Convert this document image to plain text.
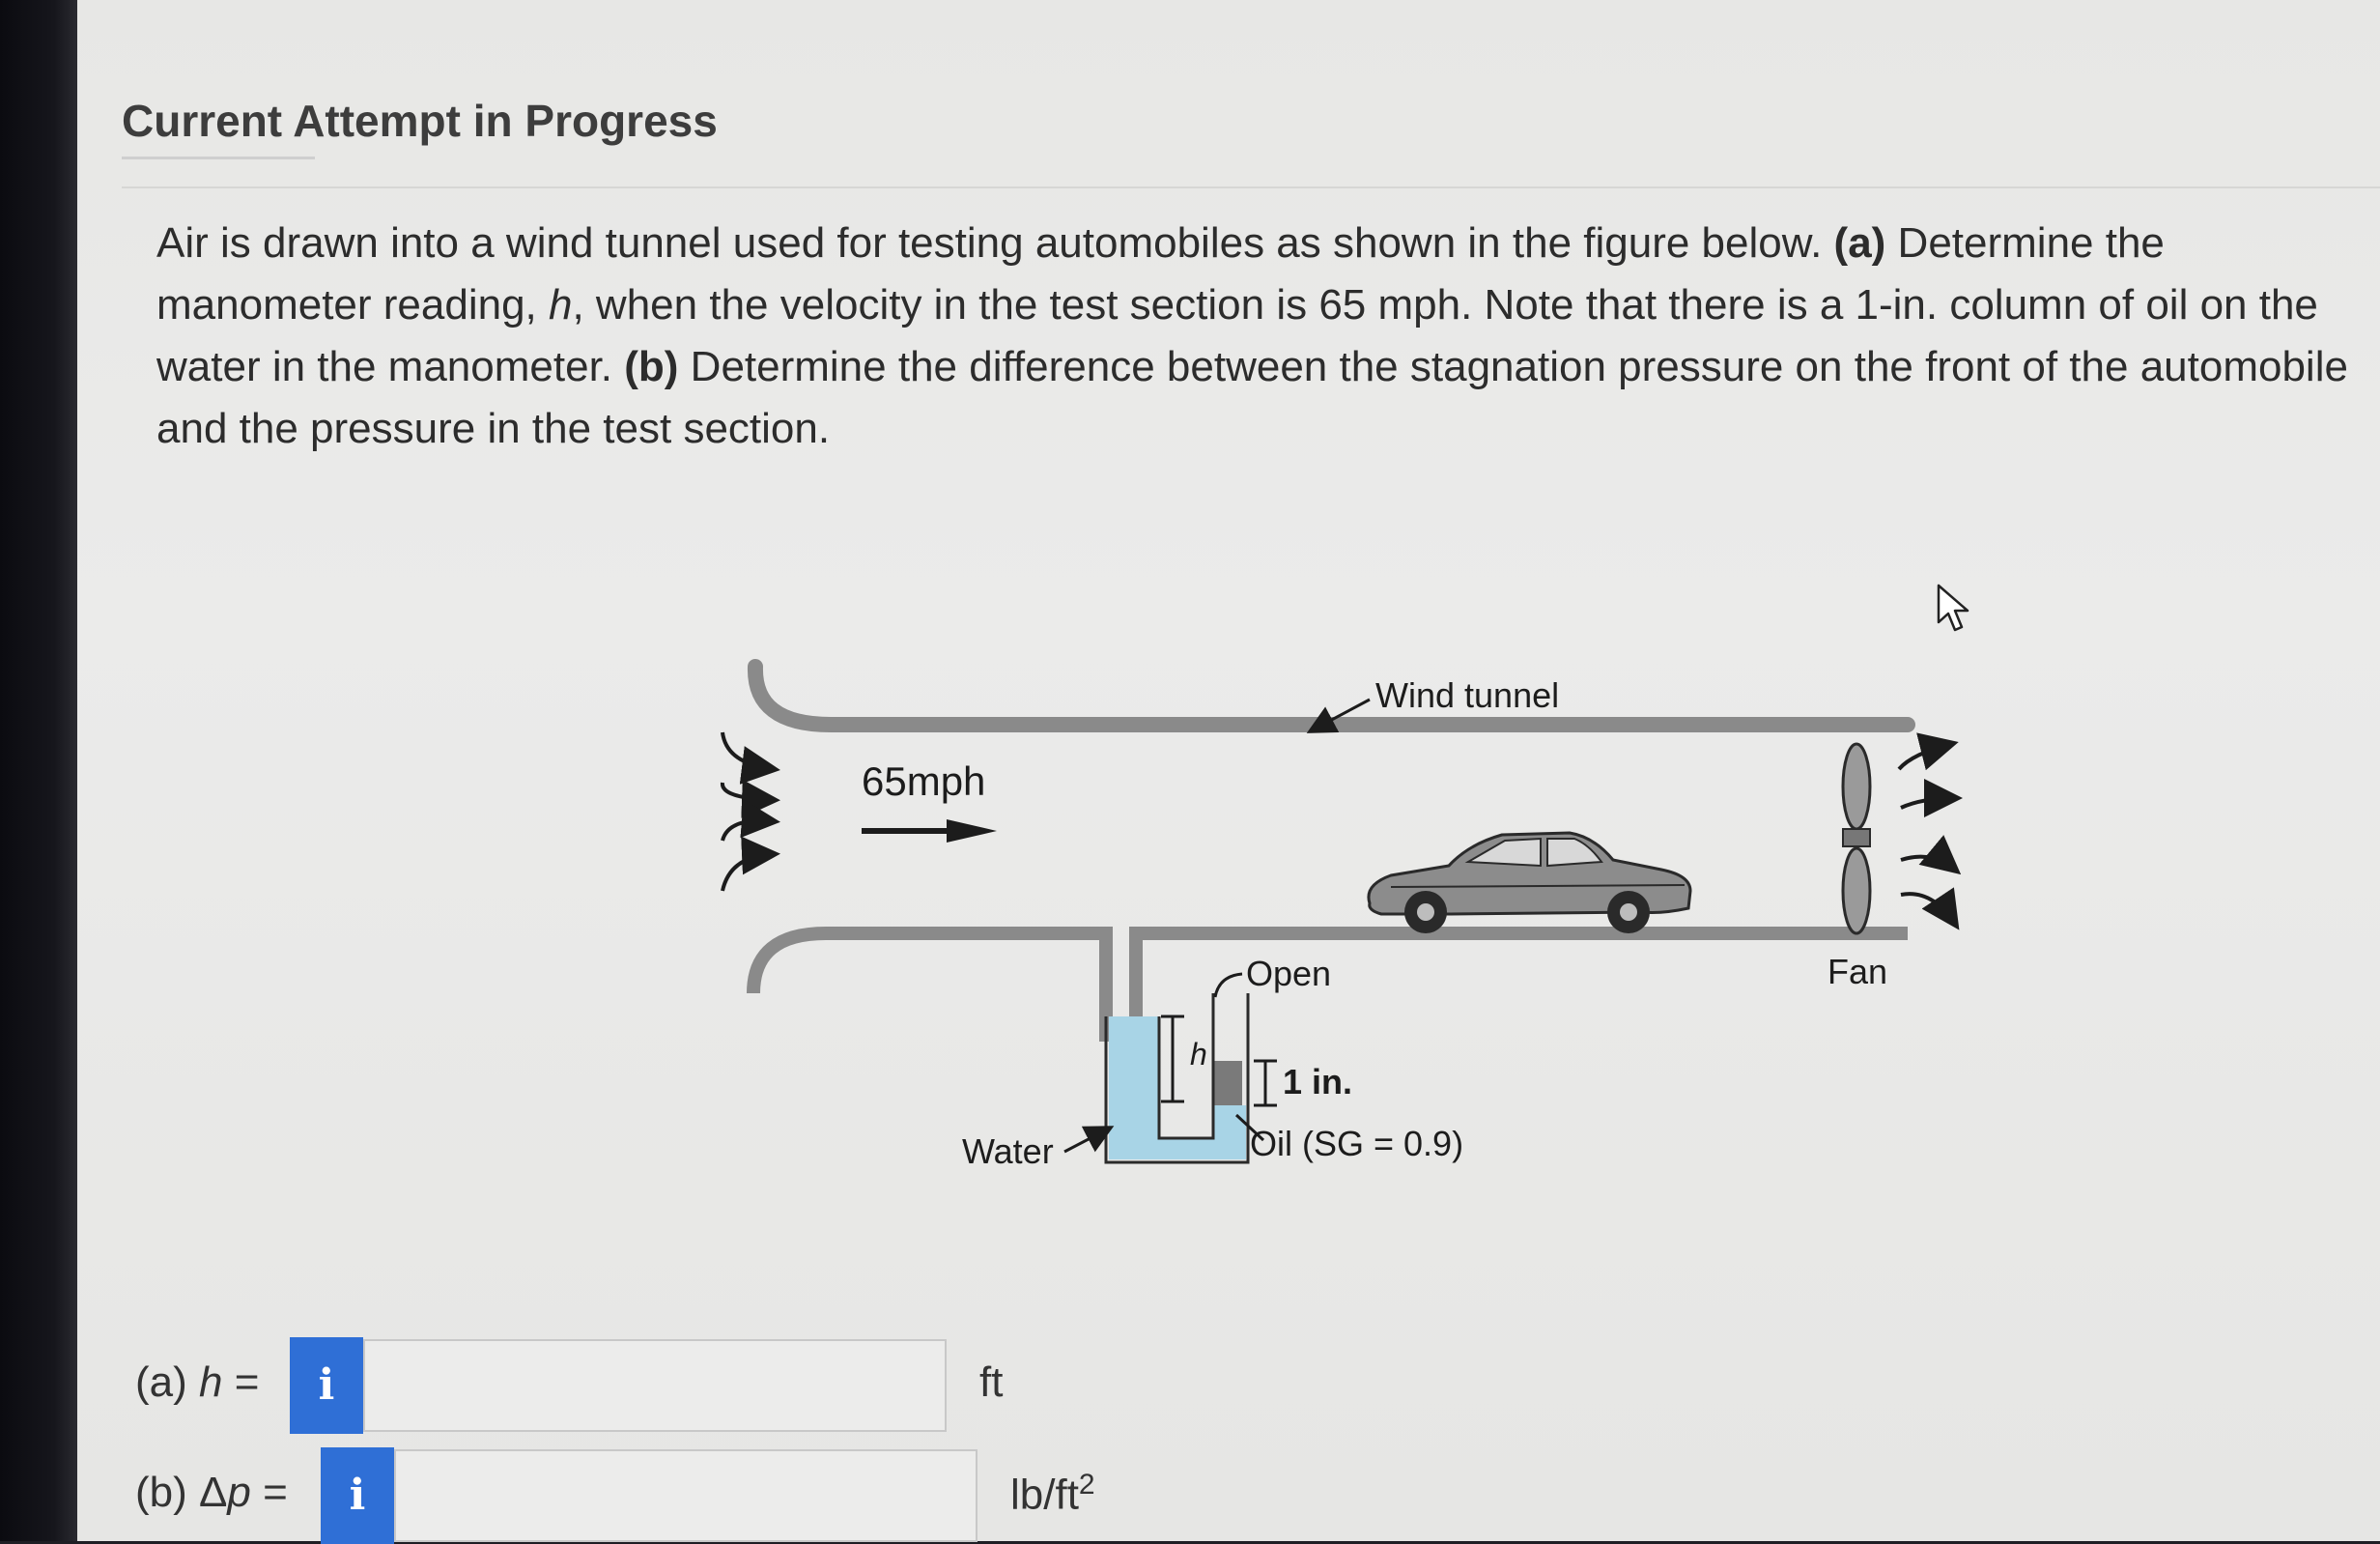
Current Attempt in Progress
Air is drawn into a wind tunnel used for testing automobiles as shown in the figure below. (a) Determine the manometer reading, h, when the velocity in the test section is 65 mph. Note that there is a 1-in. column of oil on the water in the manometer. (b) Determine the difference between the stagnation pressure on the front of the automobile and the pressure in the test section.
Wind tunnel
65mph
Fan
h
1 in.
Open
Oil (SG = 0.9)
Water
(a) h =	i	ft
(b) Δp =	i	$lb/ft^2$
